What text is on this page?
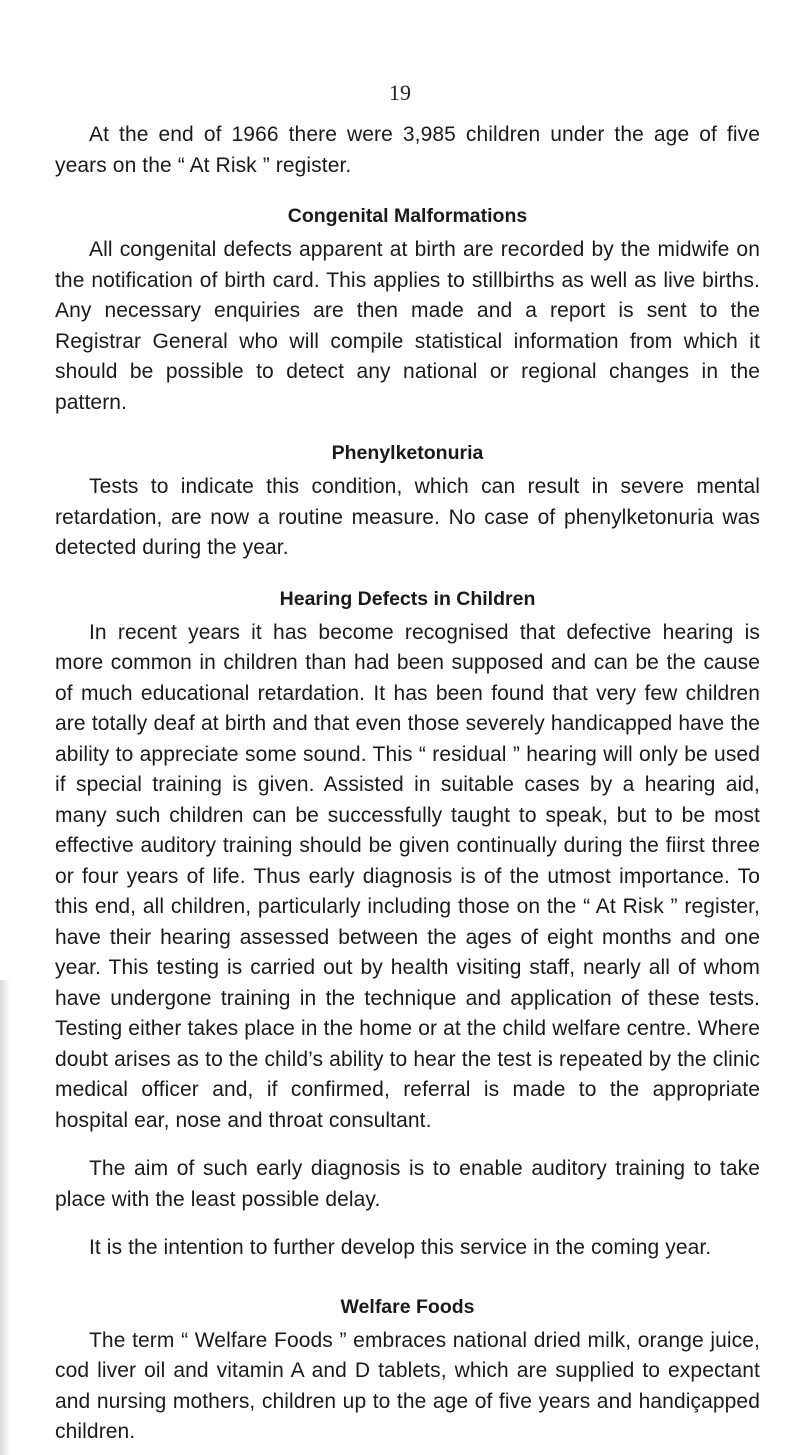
19

At the end of 1966 there were 3,985 children under the age of five years on the “ At Risk ” register.

Congenital Malformations

All congenital defects apparent at birth are recorded by the midwife on the notification of birth card. This applies to stillbirths as well as live births. Any necessary enquiries are then made and a report is sent to the Registrar General who will compile statistical information from which it should be possible to detect any national or regional changes in the pattern.

Phenylketonuria

Tests to indicate this condition, which can result in severe mental retardation, are now a routine measure. No case of phenylketonuria was detected during the year.

Hearing Defects in Children

In recent years it has become recognised that defective hearing is more common in children than had been supposed and can be the cause of much educational retardation. It has been found that very few children are totally deaf at birth and that even those severely handicapped have the ability to appreciate some sound. This “ residual ” hearing will only be used if special training is given. Assisted in suitable cases by a hearing aid, many such children can be successfully taught to speak, but to be most effective auditory training should be given continually during the fiirst three or four years of life. Thus early diagnosis is of the utmost importance. To this end, all children, particularly including those on the “ At Risk ” register, have their hearing assessed between the ages of eight months and one year. This testing is carried out by health visiting staff, nearly all of whom have undergone training in the technique and application of these tests. Testing either takes place in the home or at the child welfare centre. Where doubt arises as to the child’s ability to hear the test is repeated by the clinic medical officer and, if confirmed, referral is made to the appropriate hospital ear, nose and throat consultant.

The aim of such early diagnosis is to enable auditory training to take place with the least possible delay.

It is the intention to further develop this service in the coming year.

Welfare Foods

The term “ Welfare Foods ” embraces national dried milk, orange juice, cod liver oil and vitamin A and D tablets, which are supplied to expectant and nursing mothers, children up to the age of five years and handiçapped children.
